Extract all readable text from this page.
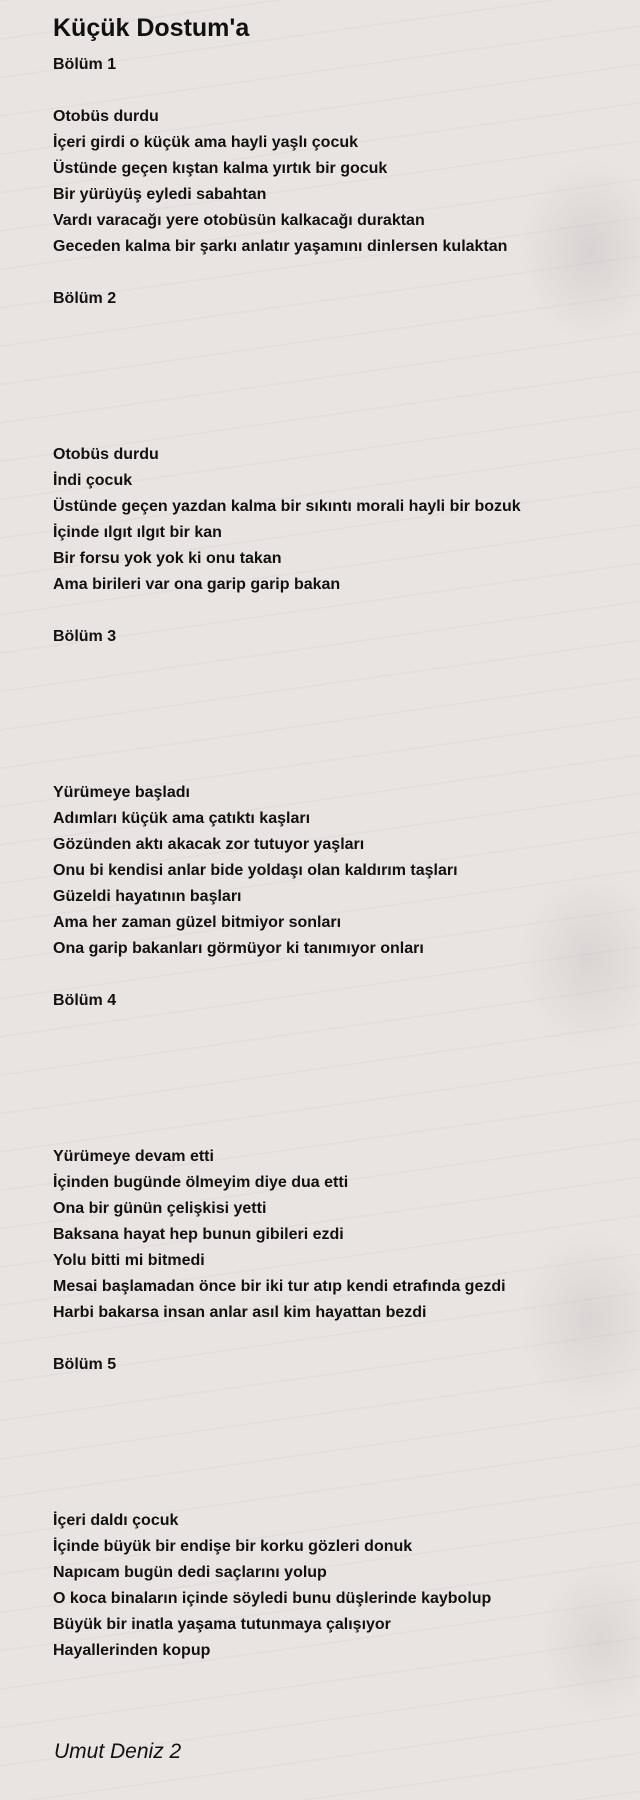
Küçük Dostum'a
Bölüm 1
Otobüs durdu
İçeri girdi o küçük ama hayli yaşlı çocuk
Üstünde geçen kıştan kalma yırtık bir gocuk
Bir yürüyüş eyledi sabahtan
Vardı varacağı yere otobüsün kalkacağı duraktan
Geceden kalma bir şarkı anlatır yaşamını dinlersen kulaktan
Bölüm 2
Otobüs durdu
İndi çocuk
Üstünde geçen yazdan kalma bir sıkıntı morali hayli bir bozuk
İçinde ılgıt ılgıt bir kan
Bir forsu yok yok ki onu takan
Ama birileri var ona garip garip bakan
Bölüm 3
Yürümeye başladı
Adımları küçük ama çatıktı kaşları
Gözünden aktı akacak zor tutuyor yaşları
Onu bi kendisi anlar bide yoldaşı olan kaldırım taşları
Güzeldi hayatının başları
Ama her zaman güzel bitmiyor sonları
Ona garip bakanları görmüyor ki tanımıyor onları
Bölüm 4
Yürümeye devam etti
İçinden bugünde ölmeyim diye dua etti
Ona bir günün çelişkisi yetti
Baksana hayat hep bunun gibileri ezdi
Yolu bitti mi bitmedi
Mesai başlamadan önce bir iki tur atıp kendi etrafında gezdi
Harbi bakarsa insan anlar asıl kim hayattan bezdi
Bölüm 5
İçeri daldı çocuk
İçinde büyük bir endişe bir korku gözleri donuk
Napıcam bugün dedi saçlarını yolup
O koca binaların içinde söyledi bunu düşlerinde kaybolup
Büyük bir inatla yaşama tutunmaya çalışıyor
Hayallerinden kopup
Umut Deniz 2
